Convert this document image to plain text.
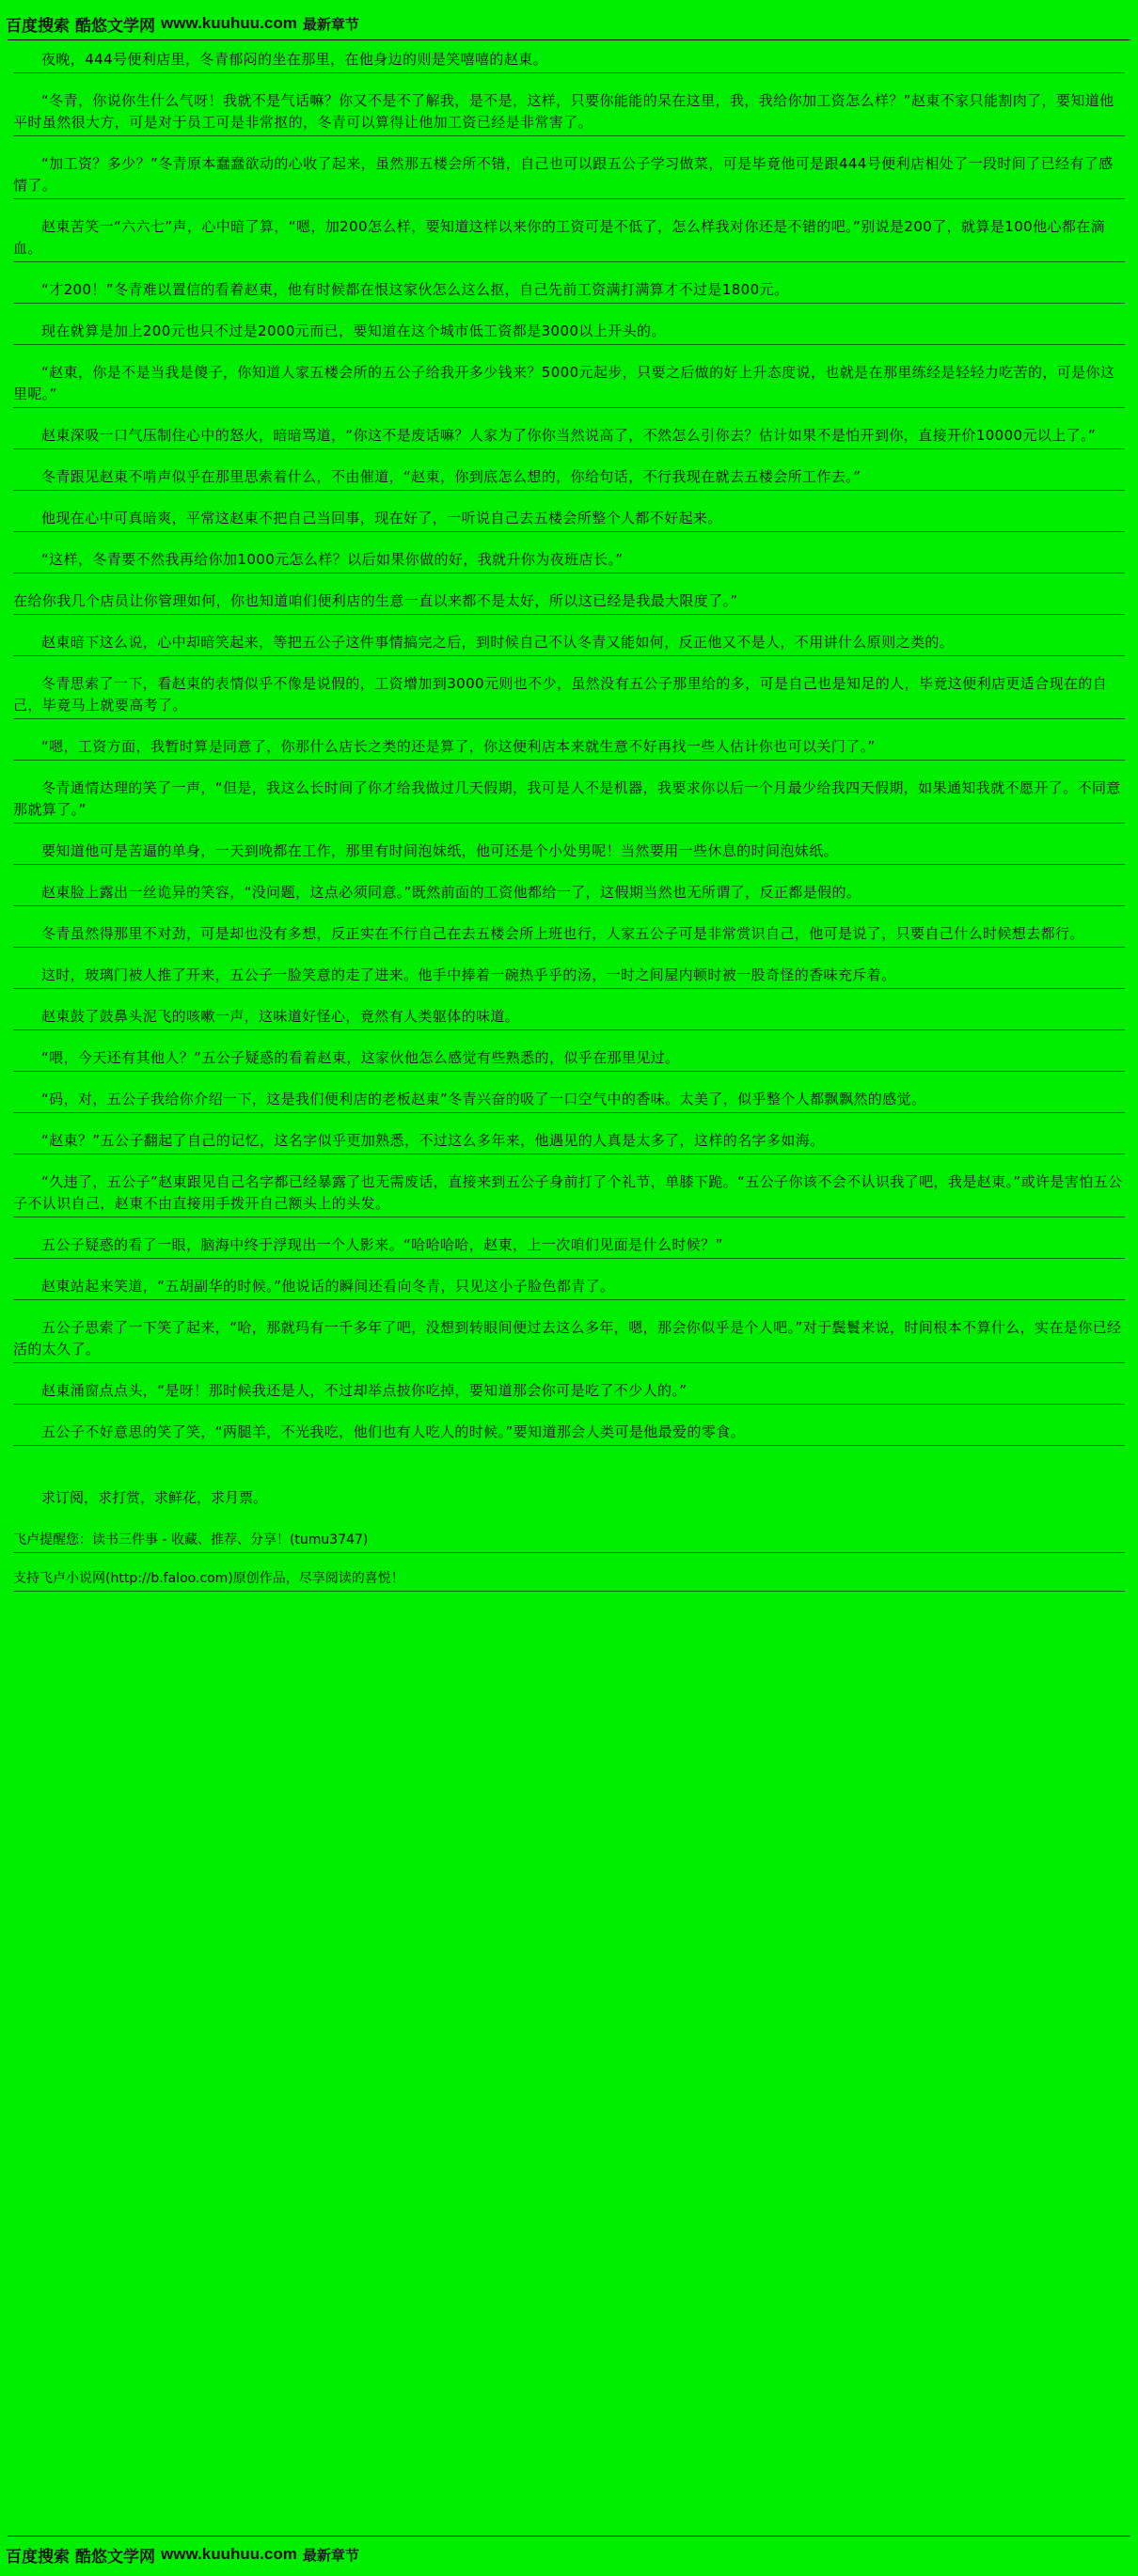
百度搜索 酷悠文学网 www.kuuhuu.com 最新章节

夜晚，444号便利店里，冬青郁闷的坐在那里，在他身边的则是笑嘻嘻的赵東。

“冬青，你说你生什么气呀！我就不是气话嘛？你又不是不了解我，是不是，这样，只要你能能的呆在这里，我，我给你加工资怎么样？”赵東不家只能割肉了，要知道他平时虽然很大方，可是对于员工可是非常抠的，冬青可以算得让他加工资已经是非常害了。

“加工资？多少？”冬青原本蠢蠢欲动的心收了起来，虽然那五楼会所不错，自己也可以跟五公子学习做菜，可是毕竟他可是跟444号便利店相处了一段时间了已经有了感情了。

赵東苦笑一“六六七”声，心中暗了算，“嗯，加200怎么样，要知道这样以来你的工资可是不低了，怎么样我对你还是不错的吧。”别说是200了，就算是100他心都在滴血。

“才200！”冬青难以置信的看着赵東，他有时候都在恨这家伙怎么这么抠，自己先前工资满打满算才不过是1800元。

现在就算是加上200元也只不过是2000元而已，要知道在这个城市低工资都是3000以上开头的。

“赵東，你是不是当我是傻子，你知道人家五楼会所的五公子给我开多少钱来？5000元起步，只要之后做的好上升态度说，也就是在那里练经是轻轻力吃苦的，可是你这里呢。”

赵東深吸一口气压制住心中的怒火，暗暗骂道，“你这不是废话嘛？人家为了你你当然说高了，不然怎么引你去？估计如果不是怕开到你，直接开价10000元以上了。”

冬青跟见赵東不啃声似乎在那里思索着什么，不由催道，“赵東，你到底怎么想的，你给句话，不行我现在就去五楼会所工作去。”

他现在心中可真暗爽，平常这赵東不把自己当回事，现在好了，一听说自己去五楼会所整个人都不好起来。

“这样，冬青要不然我再给你加1000元怎么样？以后如果你做的好，我就升你为夜班店长。”

在给你我几个店员让你管理如何，你也知道咱们便利店的生意一直以来都不是太好，所以这已经是我最大限度了。”

赵東暗下这么说，心中却暗笑起来，等把五公子这件事情搞完之后，到时候自己不认冬青又能如何，反正他又不是人，不用讲什么原则之类的。

冬青思索了一下，看赵東的表情似乎不像是说假的，工资增加到3000元则也不少，虽然没有五公子那里给的多，可是自己也是知足的人，毕竟这便利店更适合现在的自己，毕竟马上就要高考了。

“嗯，工资方面，我暂时算是同意了，你那什么店长之类的还是算了，你这便利店本来就生意不好再找一些人估计你也可以关门了。”

冬青通情达理的笑了一声，“但是，我这么长时间了你才给我做过几天假期，我可是人不是机器，我要求你以后一个月最少给我四天假期，如果通知我就不愿开了。不同意那就算了。”

要知道他可是苦逼的单身，一天到晚都在工作，那里有时间泡妹纸，他可还是个小处男呢！当然要用一些休息的时间泡妹纸。

赵東脸上露出一丝诡异的笑容，“没问题，这点必须同意。”既然前面的工资他都给一了，这假期当然也无所谓了，反正都是假的。

冬青虽然得那里不对劲，可是却也没有多想，反正实在不行自己在去五楼会所上班也行，人家五公子可是非常赏识自己，他可是说了，只要自己什么时候想去都行。

这时，玻璃门被人推了开来，五公子一脸笑意的走了进来。他手中捧着一碗热乎乎的汤，一时之间屋内顿时被一股奇怪的香味充斥着。

赵東鼓了鼓鼻头泥飞的咳嗽一声，这味道好怪心，竟然有人类躯体的味道。

“喂，今天还有其他人？”五公子疑惑的看着赵東，这家伙他怎么感觉有些熟悉的，似乎在那里见过。

“码，对，五公子我给你介绍一下，这是我们便利店的老板赵東”冬青兴奋的吸了一口空气中的香味。太美了，似乎整个人都飘飘然的感觉。

“赵東？”五公子翻起了自己的记忆，这名字似乎更加熟悉，不过这么多年来，他遇见的人真是太多了，这样的名字多如海。

“久违了，五公子”赵東跟见自己名字都已经暴露了也无需废话，直接来到五公子身前打了个礼节，单膝下跪。“五公子你该不会不认识我了吧，我是赵東。”或许是害怕五公子不认识自己，赵東不由直接用手拨开自己额头上的头发。

五公子疑惑的看了一眼，脑海中终于浮现出一个人影来。“哈哈哈哈，赵東，上一次咱们见面是什么时候？”

赵東站起来笑道，“五胡副华的时候。”他说话的瞬间还看向冬青，只见这小子脸色都青了。

五公子思索了一下笑了起来，“哈，那就玛有一千多年了吧，没想到转眼间便过去这么多年，嗯，那会你似乎是个人吧。”对于鬓鬟来说，时间根本不算什么，实在是你已经活的太久了。

赵東涌窗点点头，“是呀！那时候我还是人，不过却举点披你吃掉，要知道那会你可是吃了不少人的。”

五公子不好意思的笑了笑，“两腿羊，不光我吃，他们也有人吃人的时候。”要知道那会人类可是他最爱的零食。

求订阅，求打赏，求鲜花，求月票。

飞卢提醒您：读书三件事 - 收藏、推荐、分享！(tumu3747)

支持飞卢小说网(http://b.faloo.com)原创作品，尽享阅读的喜悦！

百度搜索 酷悠文学网 www.kuuhuu.com 最新章节
